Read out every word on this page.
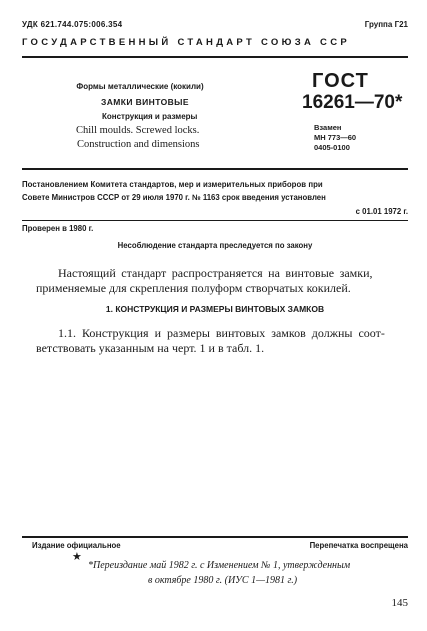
УДК 621.744.075:006.354	Группа Г21
ГОСУДАРСТВЕННЫЙ СТАНДАРТ СОЮЗА ССР
Формы металлические (кокили)
ЗАМКИ ВИНТОВЫЕ
Конструкция и размеры
Chill moulds. Screwed locks.
Construction and dimensions
ГОСТ
16261—70*
Взамен
МН 773—60
0405-0100
Постановлением Комитета стандартов, мер и измерительных приборов при
Совете Министров СССР от 29 июля 1970 г. № 1163 срок введения установлен
с 01.01 1972 г.
Проверен в 1980 г.
Несоблюдение стандарта преследуется по закону
Настоящий стандарт распространяется на винтовые замки,
применяемые для скрепления полуформ створчатых кокилей.
1. КОНСТРУКЦИЯ И РАЗМЕРЫ ВИНТОВЫХ ЗАМКОВ
1.1. Конструкция и размеры винтовых замков должны соот-
ветствовать указанным на черт. 1 и в табл. 1.
Издание официальное	Перепечатка воспрещена
★
*Переиздание май 1982 г. с Изменением № 1, утвержденным
в октябре 1980 г. (ИУС 1—1981 г.)
145
